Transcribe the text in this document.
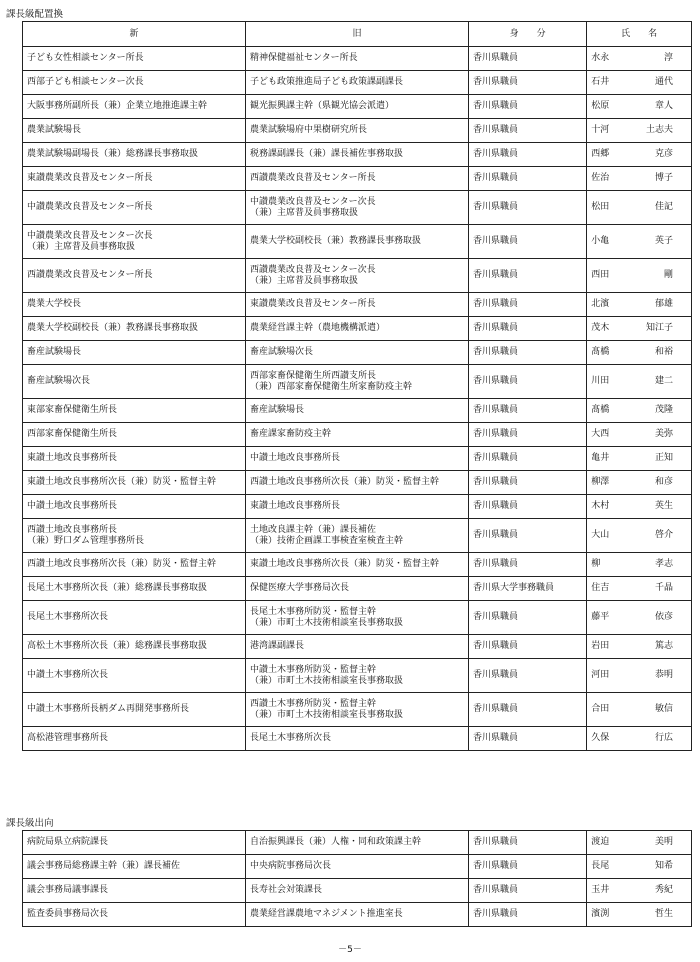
課長級配置換
新	旧	身　　分	氏　　名

子ども女性相談センター所長	精神保健福祉センター所長	香川県職員	水永 淳

西部子ども相談センター次長	子ども政策推進局子ども政策課副課長	香川県職員	石井 通代

大阪事務所副所長（兼）企業立地推進課主幹	観光振興課主幹（県観光協会派遣）	香川県職員	松原 章人

農業試験場長	農業試験場府中果樹研究所長	香川県職員	十河 土志夫

農業試験場副場長（兼）総務課長事務取扱	税務課副課長（兼）課長補佐事務取扱	香川県職員	西郷 克彦

東讃農業改良普及センター所長	西讃農業改良普及センター所長	香川県職員	佐治 博子

中讃農業改良普及センター所長	中讃農業改良普及センター次長
（兼）主席普及員事務取扱	香川県職員	松田 佳記

中讃農業改良普及センター次長
（兼）主席普及員事務取扱	農業大学校副校長（兼）教務課長事務取扱	香川県職員	小亀 英子

西讃農業改良普及センター所長	西讃農業改良普及センター次長
（兼）主席普及員事務取扱	香川県職員	西田 剛

農業大学校長	東讃農業改良普及センター所長	香川県職員	北濱 郁雄

農業大学校副校長（兼）教務課長事務取扱	農業経営課主幹（農地機構派遣）	香川県職員	茂木 知江子

畜産試験場長	畜産試験場次長	香川県職員	髙橋 和裕

畜産試験場次長	西部家畜保健衛生所西讃支所長
（兼）西部家畜保健衛生所家畜防疫主幹	香川県職員	川田 建二

東部家畜保健衛生所長	畜産試験場長	香川県職員	髙橋 茂隆

西部家畜保健衛生所長	畜産課家畜防疫主幹	香川県職員	大西 美弥

東讃土地改良事務所長	中讃土地改良事務所長	香川県職員	亀井 正知

東讃土地改良事務所次長（兼）防災・監督主幹	西讃土地改良事務所次長（兼）防災・監督主幹	香川県職員	柳澤 和彦

中讃土地改良事務所長	東讃土地改良事務所長	香川県職員	木村 英生

西讃土地改良事務所長
（兼）野口ダム管理事務所長	土地改良課主幹（兼）課長補佐
（兼）技術企画課工事検査室検査主幹	香川県職員	大山 啓介

西讃土地改良事務所次長（兼）防災・監督主幹	東讃土地改良事務所次長（兼）防災・監督主幹	香川県職員	柳 孝志

長尾土木事務所次長（兼）総務課長事務取扱	保健医療大学事務局次長	香川県大学事務職員	住吉 千晶

長尾土木事務所次長	長尾土木事務所防災・監督主幹
（兼）市町土木技術相談室長事務取扱	香川県職員	藤平 依彦

高松土木事務所次長（兼）総務課長事務取扱	港湾課副課長	香川県職員	岩田 篤志

中讃土木事務所次長	中讃土木事務所防災・監督主幹
（兼）市町土木技術相談室長事務取扱	香川県職員	河田 恭明

中讃土木事務所長柄ダム再開発事務所長	西讃土木事務所防災・監督主幹
（兼）市町土木技術相談室長事務取扱	香川県職員	合田 敏信

高松港管理事務所長	長尾土木事務所次長	香川県職員	久保 行広
課長級出向
病院局県立病院課長	自治振興課長（兼）人権・同和政策課主幹	香川県職員	渡迫 美明

議会事務局総務課主幹（兼）課長補佐	中央病院事務局次長	香川県職員	長尾 知希

議会事務局議事課長	長寿社会対策課長	香川県職員	玉井 秀紀

監査委員事務局次長	農業経営課農地マネジメント推進室長	香川県職員	濱渕 哲生
－5－
